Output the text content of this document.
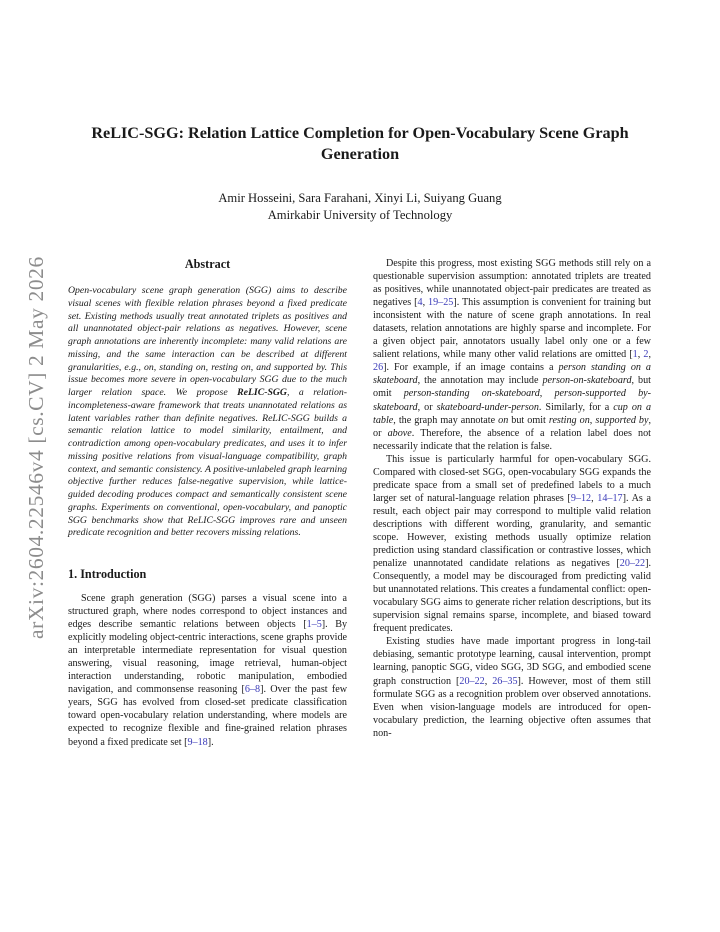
arXiv:2604.22546v4 [cs.CV] 2 May 2026
ReLIC-SGG: Relation Lattice Completion for Open-Vocabulary Scene Graph Generation
Amir Hosseini, Sara Farahani, Xinyi Li, Suiyang Guang
Amirkabir University of Technology
Abstract

Open-vocabulary scene graph generation (SGG) aims to describe visual scenes with flexible relation phrases beyond a fixed predicate set. Existing methods usually treat annotated triplets as positives and all unannotated object-pair relations as negatives. However, scene graph annotations are inherently incomplete: many valid relations are missing, and the same interaction can be described at different granularities, e.g., on, standing on, resting on, and supported by. This issue becomes more severe in open-vocabulary SGG due to the much larger relation space. We propose ReLIC-SGG, a relation-incompleteness-aware framework that treats unannotated relations as latent variables rather than definite negatives. ReLIC-SGG builds a semantic relation lattice to model similarity, entailment, and contradiction among open-vocabulary predicates, and uses it to infer missing positive relations from visual-language compatibility, graph context, and semantic consistency. A positive-unlabeled graph learning objective further reduces false-negative supervision, while lattice-guided decoding produces compact and semantically consistent scene graphs. Experiments on conventional, open-vocabulary, and panoptic SGG benchmarks show that ReLIC-SGG improves rare and unseen predicate recognition and better recovers missing relations.

1. Introduction

Scene graph generation (SGG) parses a visual scene into a structured graph, where nodes correspond to object instances and edges describe semantic relations between objects [1–5]. By explicitly modeling object-centric interactions, scene graphs provide an interpretable intermediate representation for visual question answering, visual reasoning, image retrieval, human-object interaction understanding, robotic manipulation, embodied navigation, and commonsense reasoning [6–8]. Over the past few years, SGG has evolved from closed-set predicate classification toward open-vocabulary relation understanding, where models are expected to recognize flexible and fine-grained relation phrases beyond a fixed predicate set [9–18].

Despite this progress, most existing SGG methods still rely on a questionable supervision assumption: annotated triplets are treated as positives, while unannotated object-pair predicates are treated as negatives [4, 19–25]. This assumption is convenient for training but inconsistent with the nature of scene graph annotations. In real datasets, relation annotations are highly sparse and incomplete. For a given object pair, annotators usually label only one or a few salient relations, while many other valid relations are omitted [1, 2, 26]. For example, if an image contains a person standing on a skateboard, the annotation may include person-on-skateboard, but omit person-standing on-skateboard, person-supported by-skateboard, or skateboard-under-person. Similarly, for a cup on a table, the graph may annotate on but omit resting on, supported by, or above. Therefore, the absence of a relation label does not necessarily indicate that the relation is false.

This issue is particularly harmful for open-vocabulary SGG. Compared with closed-set SGG, open-vocabulary SGG expands the predicate space from a small set of predefined labels to a much larger set of natural-language relation phrases [9–12, 14–17]. As a result, each object pair may correspond to multiple valid relation descriptions with different wording, granularity, and semantic scope. However, existing methods usually optimize relation prediction using standard classification or contrastive losses, which penalize unannotated candidate relations as negatives [20–22]. Consequently, a model may be discouraged from predicting valid but unannotated relations. This creates a fundamental conflict: open-vocabulary SGG aims to generate richer relation descriptions, but its supervision signal remains sparse, incomplete, and biased toward frequent predicates.

Existing studies have made important progress in long-tail debiasing, semantic prototype learning, causal intervention, prompt learning, panoptic SGG, video SGG, 3D SGG, and embodied scene graph construction [20–22, 26–35]. However, most of them still formulate SGG as a recognition problem over observed annotations. Even when vision-language models are introduced for open-vocabulary prediction, the learning objective often assumes that non-
